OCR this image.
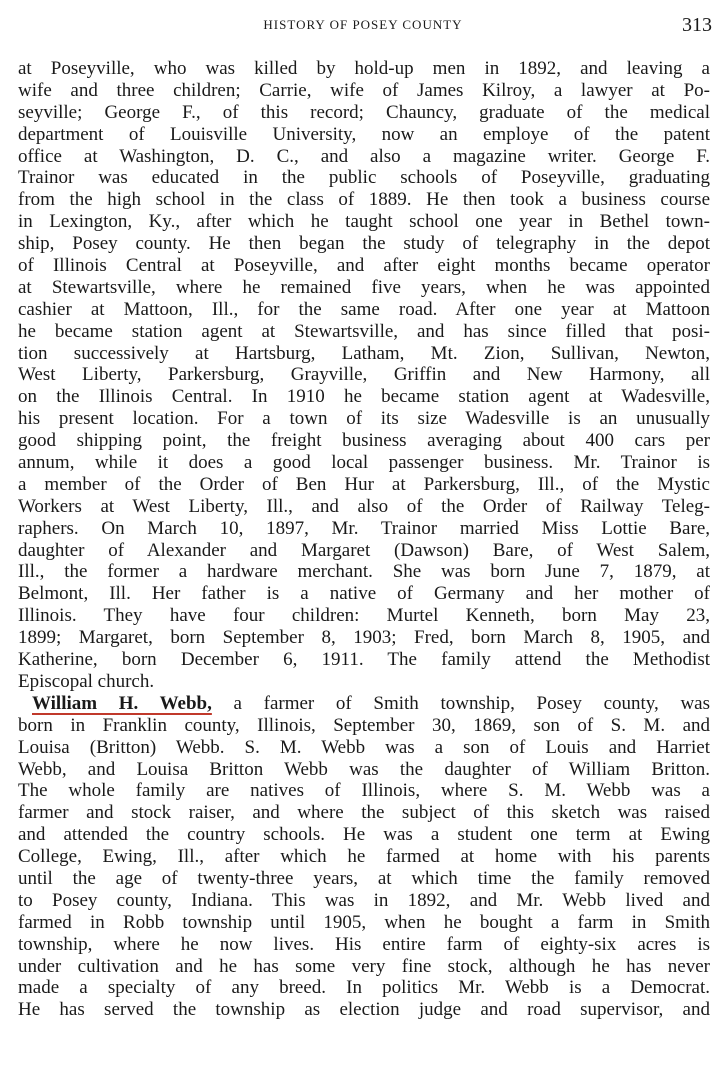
HISTORY OF POSEY COUNTY	313
at Poseyville, who was killed by hold-up men in 1892, and leaving a
wife and three children; Carrie, wife of James Kilroy, a lawyer at Po-
seyville; George F., of this record; Chauncy, graduate of the medical
department of Louisville University, now an employe of the patent
office at Washington, D. C., and also a magazine writer. George F.
Trainor was educated in the public schools of Poseyville, graduating
from the high school in the class of 1889. He then took a business course
in Lexington, Ky., after which he taught school one year in Bethel town-
ship, Posey county. He then began the study of telegraphy in the depot
of Illinois Central at Poseyville, and after eight months became operator
at Stewartsville, where he remained five years, when he was appointed
cashier at Mattoon, Ill., for the same road. After one year at Mattoon
he became station agent at Stewartsville, and has since filled that posi-
tion successively at Hartsburg, Latham, Mt. Zion, Sullivan, Newton,
West Liberty, Parkersburg, Grayville, Griffin and New Harmony, all
on the Illinois Central. In 1910 he became station agent at Wadesville,
his present location. For a town of its size Wadesville is an unusually
good shipping point, the freight business averaging about 400 cars per
annum, while it does a good local passenger business. Mr. Trainor is
a member of the Order of Ben Hur at Parkersburg, Ill., of the Mystic
Workers at West Liberty, Ill., and also of the Order of Railway Teleg-
raphers. On March 10, 1897, Mr. Trainor married Miss Lottie Bare,
daughter of Alexander and Margaret (Dawson) Bare, of West Salem,
Ill., the former a hardware merchant. She was born June 7, 1879, at
Belmont, Ill. Her father is a native of Germany and her mother of
Illinois. They have four children: Murtel Kenneth, born May 23,
1899; Margaret, born September 8, 1903; Fred, born March 8, 1905, and
Katherine, born December 6, 1911. The family attend the Methodist
Episcopal church.
William H. Webb, a farmer of Smith township, Posey county, was
born in Franklin county, Illinois, September 30, 1869, son of S. M. and
Louisa (Britton) Webb. S. M. Webb was a son of Louis and Harriet
Webb, and Louisa Britton Webb was the daughter of William Britton.
The whole family are natives of Illinois, where S. M. Webb was a
farmer and stock raiser, and where the subject of this sketch was raised
and attended the country schools. He was a student one term at Ewing
College, Ewing, Ill., after which he farmed at home with his parents
until the age of twenty-three years, at which time the family removed
to Posey county, Indiana. This was in 1892, and Mr. Webb lived and
farmed in Robb township until 1905, when he bought a farm in Smith
township, where he now lives. His entire farm of eighty-six acres is
under cultivation and he has some very fine stock, although he has never
made a specialty of any breed. In politics Mr. Webb is a Democrat.
He has served the township as election judge and road supervisor, and
